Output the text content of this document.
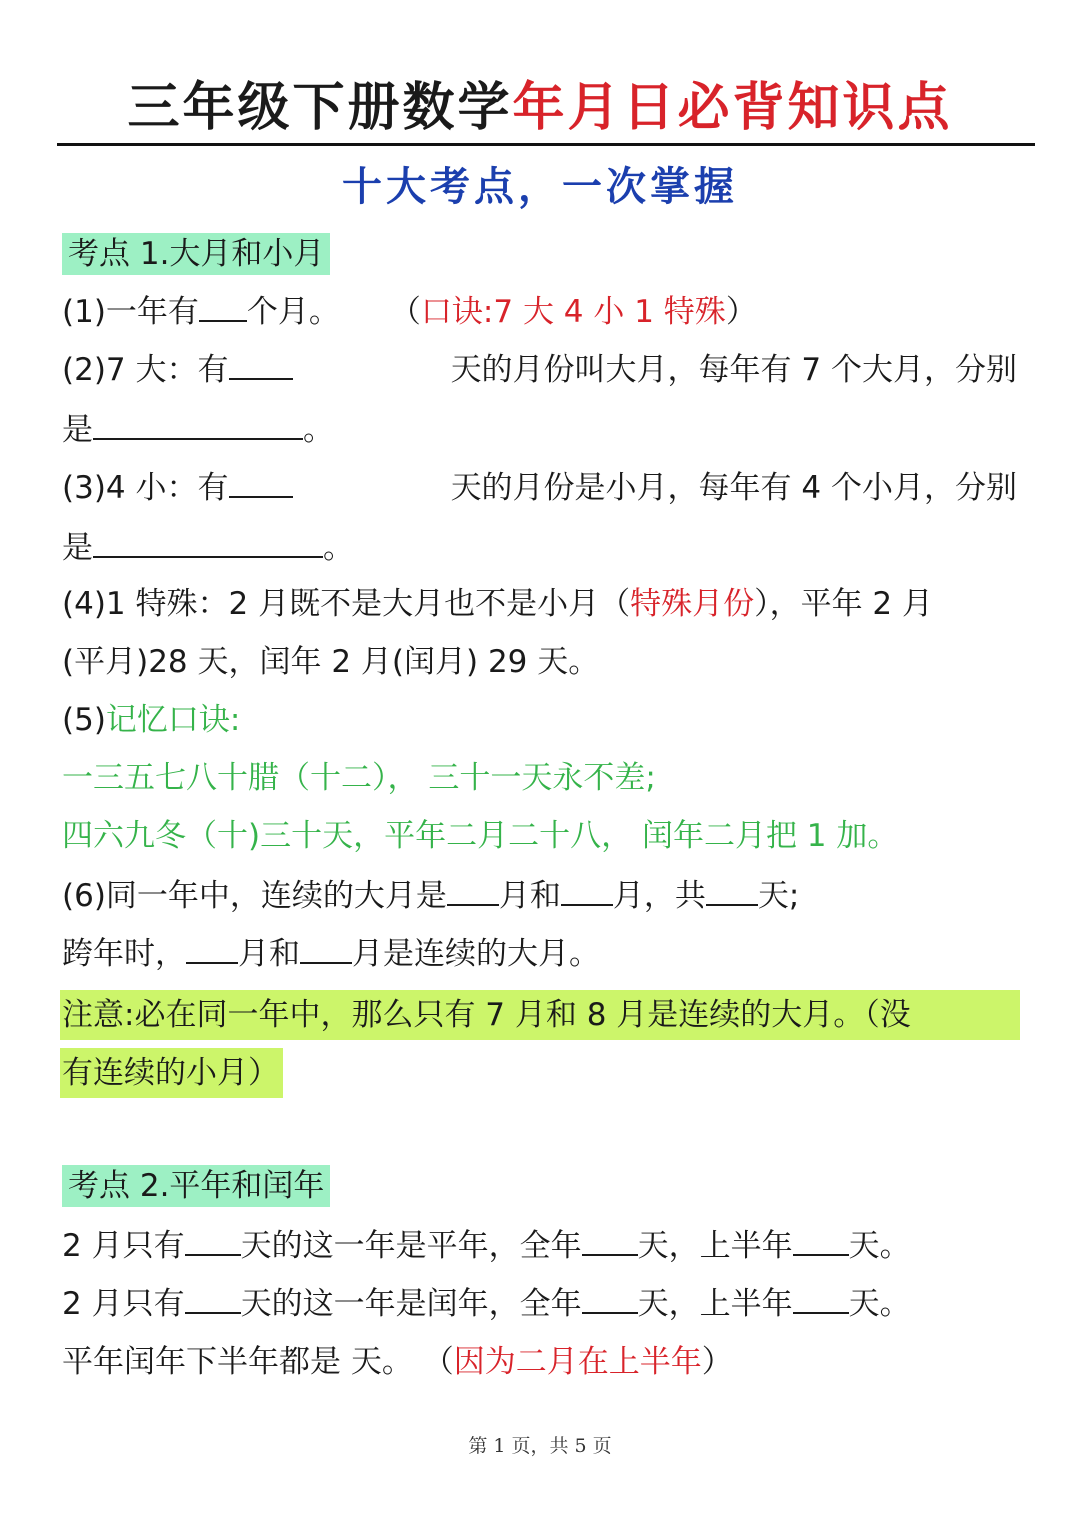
三年级下册数学年月日必背知识点
十大考点，一次掌握
考点 1.大月和小月
(1)一年有 个月。 （口诀:7 大 4 小 1 特殊）
(2)7 大：有	天的月份叫大月，每年有 7 个大月，分别
是	。
(3)4 小：有	天的月份是小月，每年有 4 个小月，分别
是	。
(4)1 特殊：2 月既不是大月也不是小月（特殊月份），平年 2 月
(平月)28 天，闰年 2 月(闰月) 29 天。
(5)记忆口诀:
一三五七八十腊（十二）， 三十一天永不差;
四六九冬（十)三十天，平年二月二十八， 闰年二月把 1 加。
(6)同一年中，连续的大月是 月和 月，共 天;
跨年时， 月和 月是连续的大月。
注意:必在同一年中，那么只有 7 月和 8 月是连续的大月。（没
有连续的小月）
考点 2.平年和闰年
2 月只有 天的这一年是平年，全年 天，上半年 天。
2 月只有 天的这一年是闰年，全年 天，上半年 天。
平年闰年下半年都是 天。 （因为二月在上半年）
第 1 页，共 5 页
